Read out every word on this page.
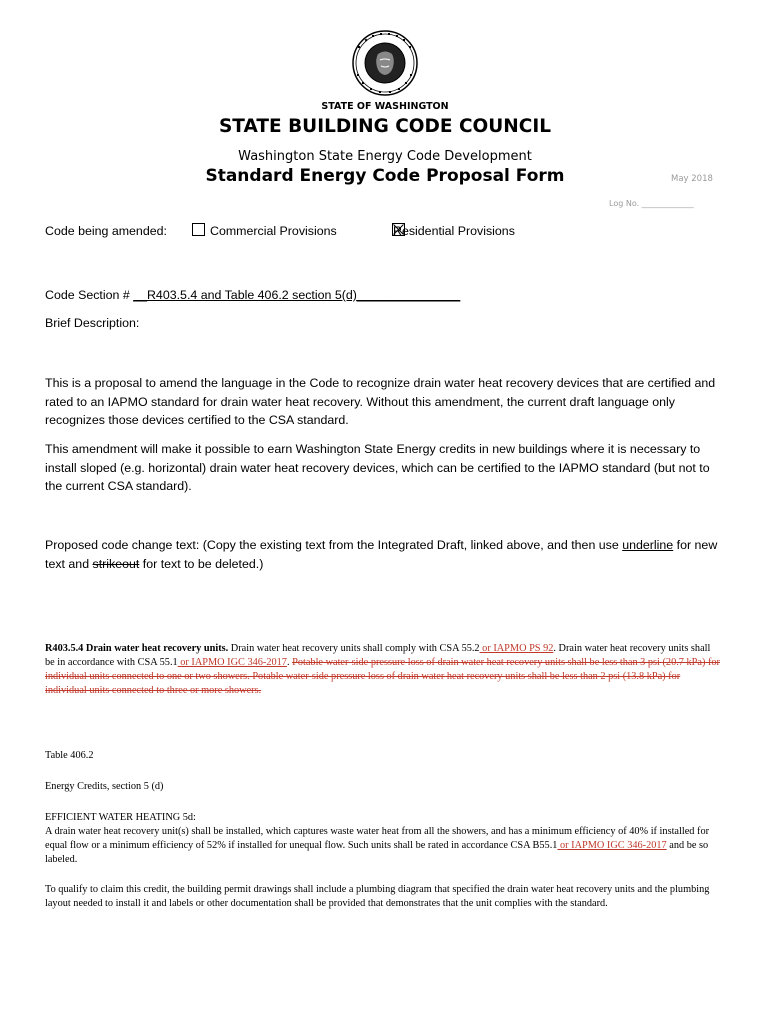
STATE OF WASHINGTON
STATE BUILDING CODE COUNCIL
Washington State Energy Code Development
Standard Energy Code Proposal Form	May 2018
Log No. _____________
Code being amended:
	Commercial Provisions	Residential Provisions
Code Section # __R403.5.4 and Table 406.2 section 5(d)_______________
Brief Description:
This is a proposal to amend the language in the Code to recognize drain water heat recovery devices that are certified and rated to an IAPMO standard for drain water heat recovery. Without this amendment, the current draft language only recognizes those devices certified to the CSA standard.
This amendment will make it possible to earn Washington State Energy credits in new buildings where it is necessary to install sloped (e.g. horizontal) drain water heat recovery devices, which can be certified to the IAPMO standard (but not to the current CSA standard).
Proposed code change text: (Copy the existing text from the Integrated Draft, linked above, and then use underline for new text and strikeout for text to be deleted.)
R403.5.4 Drain water heat recovery units. Drain water heat recovery units shall comply with CSA 55.2 or IAPMO PS 92. Drain water heat recovery units shall be in accordance with CSA 55.1 or IAPMO IGC 346-2017. Potable water-side pressure loss of drain water heat recovery units shall be less than 3 psi (20.7 kPa) for individual units connected to one or two showers. Potable water-side pressure loss of drain water heat recovery units shall be less than 2 psi (13.8 kPa) for individual units connected to three or more showers.
Table 406.2
Energy Credits, section 5 (d)
EFFICIENT WATER HEATING 5d:
A drain water heat recovery unit(s) shall be installed, which captures waste water heat from all the showers, and has a minimum efficiency of 40% if installed for equal flow or a minimum efficiency of 52% if installed for unequal flow. Such units shall be rated in accordance CSA B55.1 or IAPMO IGC 346-2017 and be so labeled.
To qualify to claim this credit, the building permit drawings shall include a plumbing diagram that specified the drain water heat recovery units and the plumbing layout needed to install it and labels or other documentation shall be provided that demonstrates that the unit complies with the standard.
